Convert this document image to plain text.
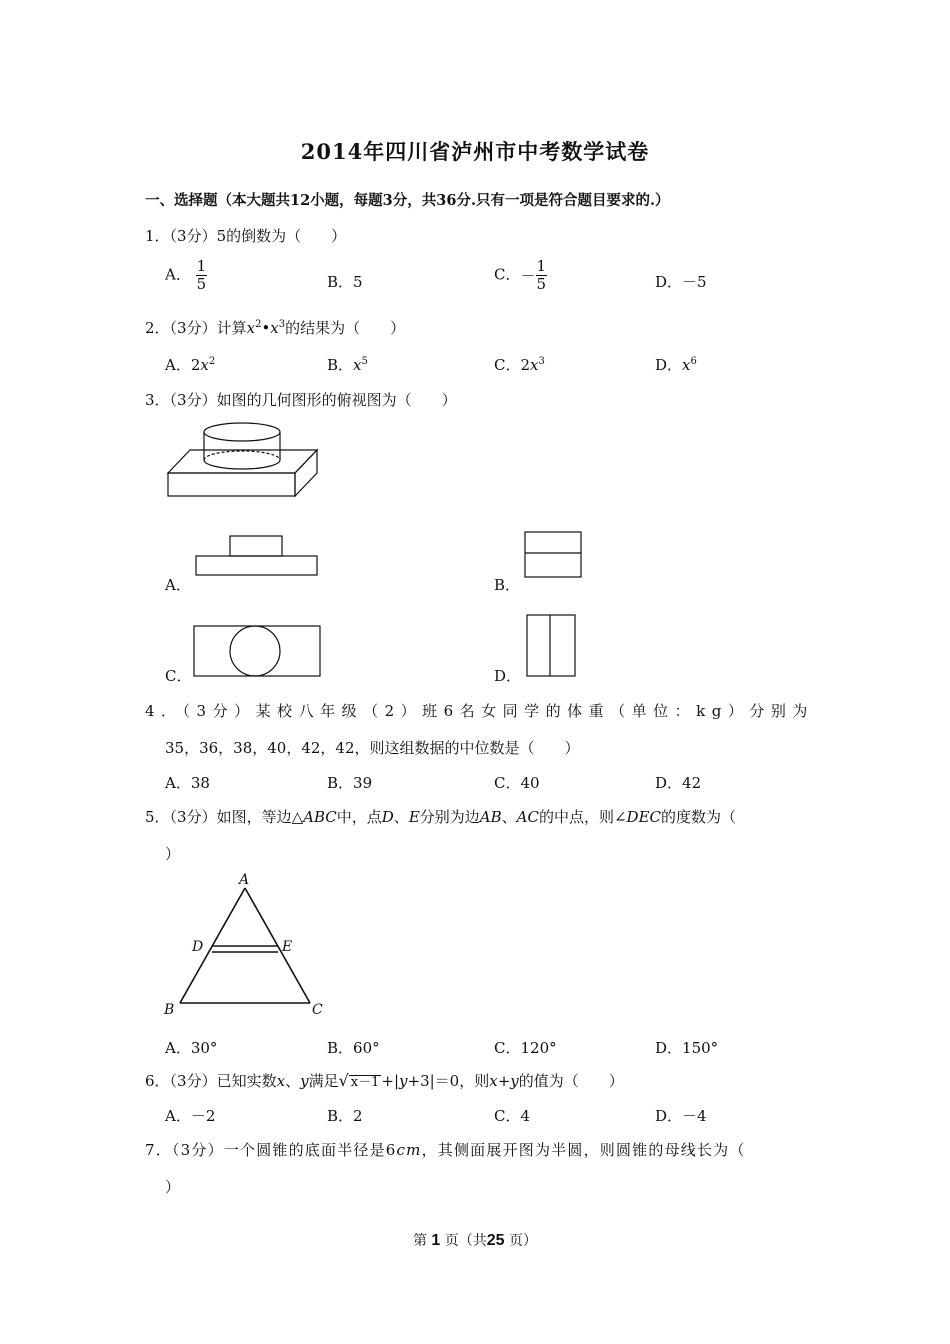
2014年四川省泸州市中考数学试卷
一、选择题（本大题共12小题，每题3分，共36分.只有一项是符合题目要求的.）
1．（3分）5的倒数为（　　）
A． $\frac{1}{5}$	B．5	C．－ $\frac{1}{5}$	D．－5
2．（3分）计算$x^2•x^3$的结果为（　　）
A．$2x^2$	B．$x^5$	C．$2x^3$	D．$x^6$
3．（3分）如图的几何图形的俯视图为（　　）
A．	B．
C．	D．
4．（3分）某校八年级（2）班6名女同学的体重（单位：kg）分别为
35，36，38，40，42，42，则这组数据的中位数是（　　）
A．38	B．39	C．40	D．42
5．（3分）如图，等边△ABC中，点D、E分别为边AB、AC的中点，则∠DEC的度数为（
）
A
B	C
D	E
A．30°	B．60°	C．120°	D．150°
6．（3分）已知实数x、y满足√ x－1 +|y+3|＝0，则x+y的值为（　　）
A．－2	B．2	C．4	D．－4
7．（3分）一个圆锥的底面半径是6cm，其侧面展开图为半圆，则圆锥的母线长为（
）
第 1 页（共25 页）
